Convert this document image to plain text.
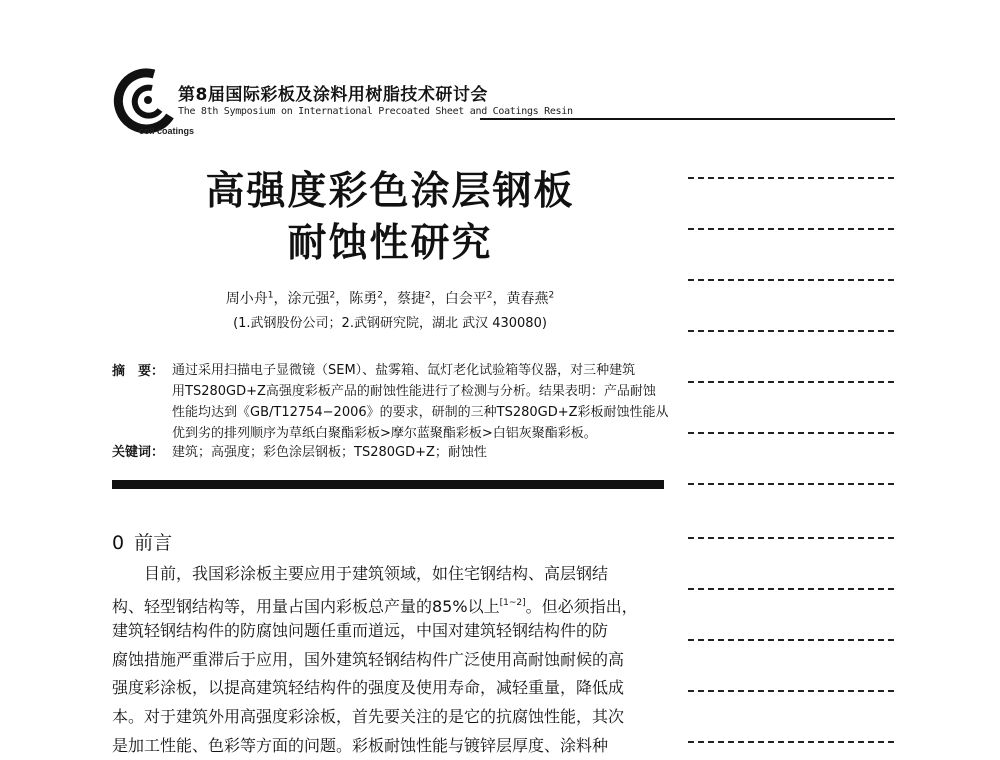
第8届国际彩板及涂料用树脂技术研讨会
The 8th Symposium on International Precoated Sheet and Coatings Resin
coil coatings
高强度彩色涂层钢板
耐蚀性研究
周小舟$^1$，涂元强$^2$，陈勇$^2$，蔡捷$^2$，白会平$^2$，黄春燕$^2$
(1.武钢股份公司；2.武钢研究院，湖北 武汉 430080)
摘　要： 通过采用扫描电子显微镜（SEM）、盐雾箱、氙灯老化试验箱等仪器，对三种建筑
用TS280GD+Z高强度彩板产品的耐蚀性能进行了检测与分析。结果表明：产品耐蚀
性能均达到《GB/T12754−2006》的要求，研制的三种TS280GD+Z彩板耐蚀性能从
优到劣的排列顺序为草纸白聚酯彩板>摩尔蓝聚酯彩板>白铝灰聚酯彩板。
关键词： 建筑；高强度；彩色涂层钢板；TS280GD+Z；耐蚀性
0 前言
　　目前，我国彩涂板主要应用于建筑领域，如住宅钢结构、高层钢结
构、轻型钢结构等，用量占国内彩板总产量的85%以上[1~2]。但必须指出，
建筑轻钢结构件的防腐蚀问题任重而道远，中国对建筑轻钢结构件的防
腐蚀措施严重滞后于应用，国外建筑轻钢结构件广泛使用高耐蚀耐候的高
强度彩涂板，以提高建筑轻结构件的强度及使用寿命，减轻重量，降低成
本。对于建筑外用高强度彩涂板，首先要关注的是它的抗腐蚀性能，其次
是加工性能、色彩等方面的问题。彩板耐蚀性能与镀锌层厚度、涂料种
